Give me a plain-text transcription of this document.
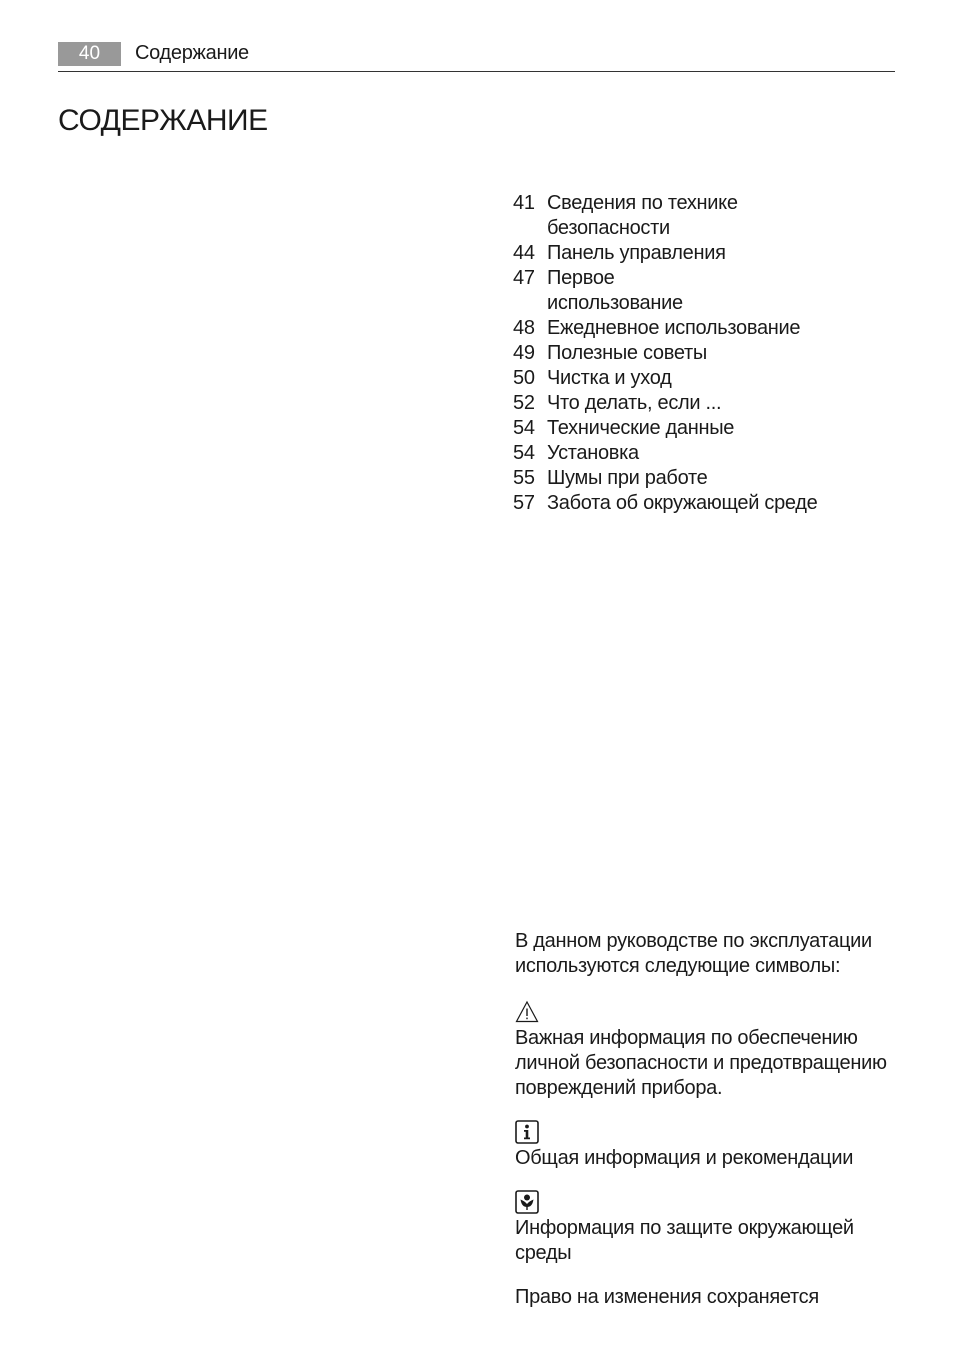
40	Содержание
СОДЕРЖАНИЕ
41 Сведения по технике безопасности
44 Панель управления
47 Первое использование
48 Ежедневное использование
49 Полезные советы
50 Чистка и уход
52 Что делать, если ...
54 Технические данные
54 Установка
55 Шумы при работе
57 Забота об окружающей среде

В данном руководстве по эксплуатации используются следующие символы:

Важная информация по обеспечению личной безопасности и предотвращению повреждений прибора.

Общая информация и рекомендации

Информация по защите окружающей среды

Право на изменения сохраняется
